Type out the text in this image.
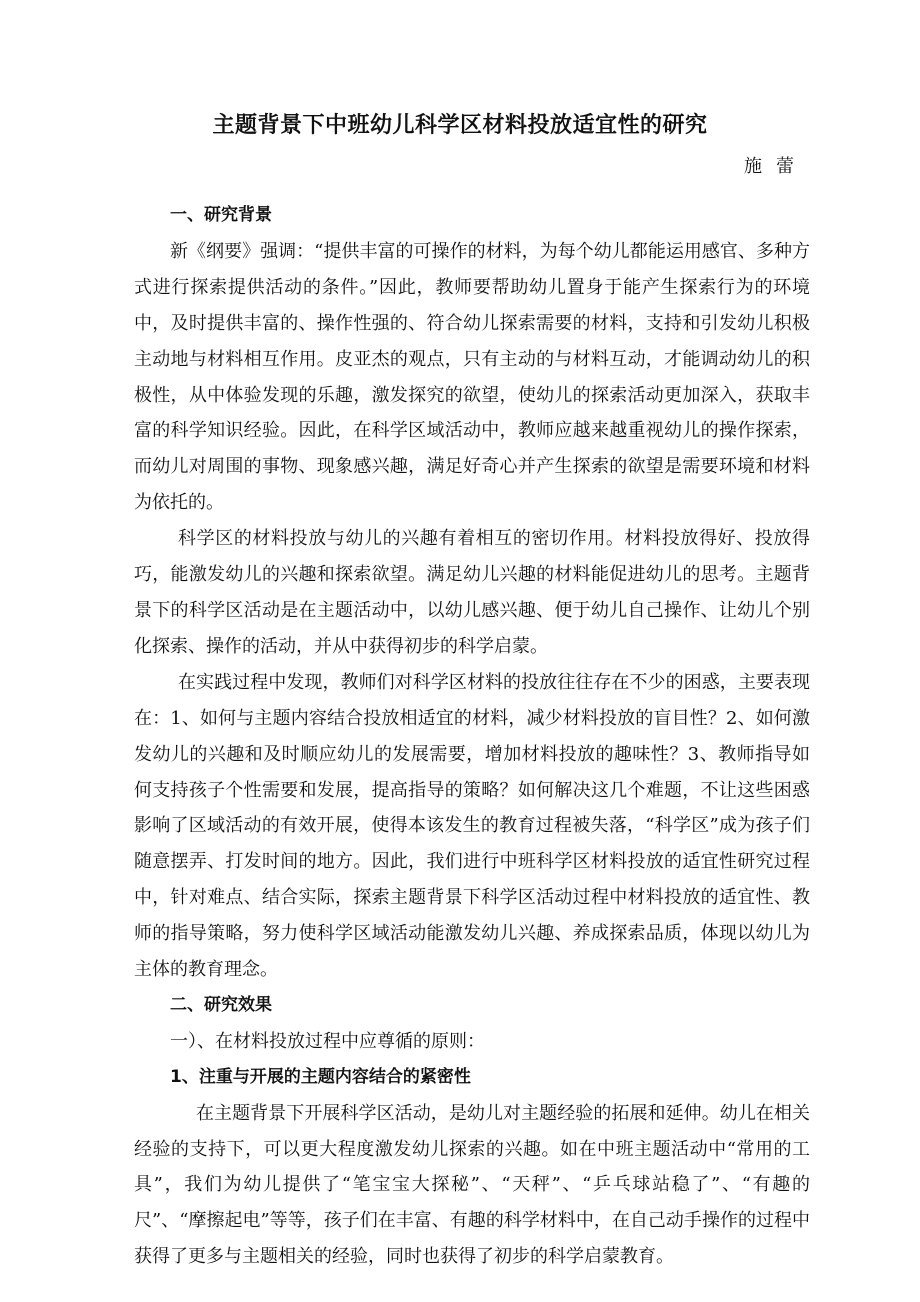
主题背景下中班幼儿科学区材料投放适宜性的研究
施蕾

一、研究背景

新《纲要》强调：“提供丰富的可操作的材料，为每个幼儿都能运用感官、多种方式进行探索提供活动的条件。”因此，教师要帮助幼儿置身于能产生探索行为的环境中，及时提供丰富的、操作性强的、符合幼儿探索需要的材料，支持和引发幼儿积极主动地与材料相互作用。皮亚杰的观点，只有主动的与材料互动，才能调动幼儿的积极性，从中体验发现的乐趣，激发探究的欲望，使幼儿的探索活动更加深入，获取丰富的科学知识经验。因此，在科学区域活动中，教师应越来越重视幼儿的操作探索，而幼儿对周围的事物、现象感兴趣，满足好奇心并产生探索的欲望是需要环境和材料为依托的。

科学区的材料投放与幼儿的兴趣有着相互的密切作用。材料投放得好、投放得巧，能激发幼儿的兴趣和探索欲望。满足幼儿兴趣的材料能促进幼儿的思考。主题背景下的科学区活动是在主题活动中，以幼儿感兴趣、便于幼儿自己操作、让幼儿个别化探索、操作的活动，并从中获得初步的科学启蒙。

在实践过程中发现，教师们对科学区材料的投放往往存在不少的困惑，主要表现在：1、如何与主题内容结合投放相适宜的材料，减少材料投放的盲目性？2、如何激发幼儿的兴趣和及时顺应幼儿的发展需要，增加材料投放的趣味性？3、教师指导如何支持孩子个性需要和发展，提高指导的策略？如何解决这几个难题，不让这些困惑影响了区域活动的有效开展，使得本该发生的教育过程被失落，“科学区”成为孩子们随意摆弄、打发时间的地方。因此，我们进行中班科学区材料投放的适宜性研究过程中，针对难点、结合实际，探索主题背景下科学区活动过程中材料投放的适宜性、教师的指导策略，努力使科学区域活动能激发幼儿兴趣、养成探索品质，体现以幼儿为主体的教育理念。

二、研究效果

一）、在材料投放过程中应尊循的原则：

1、注重与开展的主题内容结合的紧密性

在主题背景下开展科学区活动，是幼儿对主题经验的拓展和延伸。幼儿在相关经验的支持下，可以更大程度激发幼儿探索的兴趣。如在中班主题活动中“常用的工具”，我们为幼儿提供了“笔宝宝大探秘”、“天秤”、“乒乓球站稳了”、“有趣的尺”、“摩擦起电”等等，孩子们在丰富、有趣的科学材料中，在自己动手操作的过程中获得了更多与主题相关的经验，同时也获得了初步的科学启蒙教育。
